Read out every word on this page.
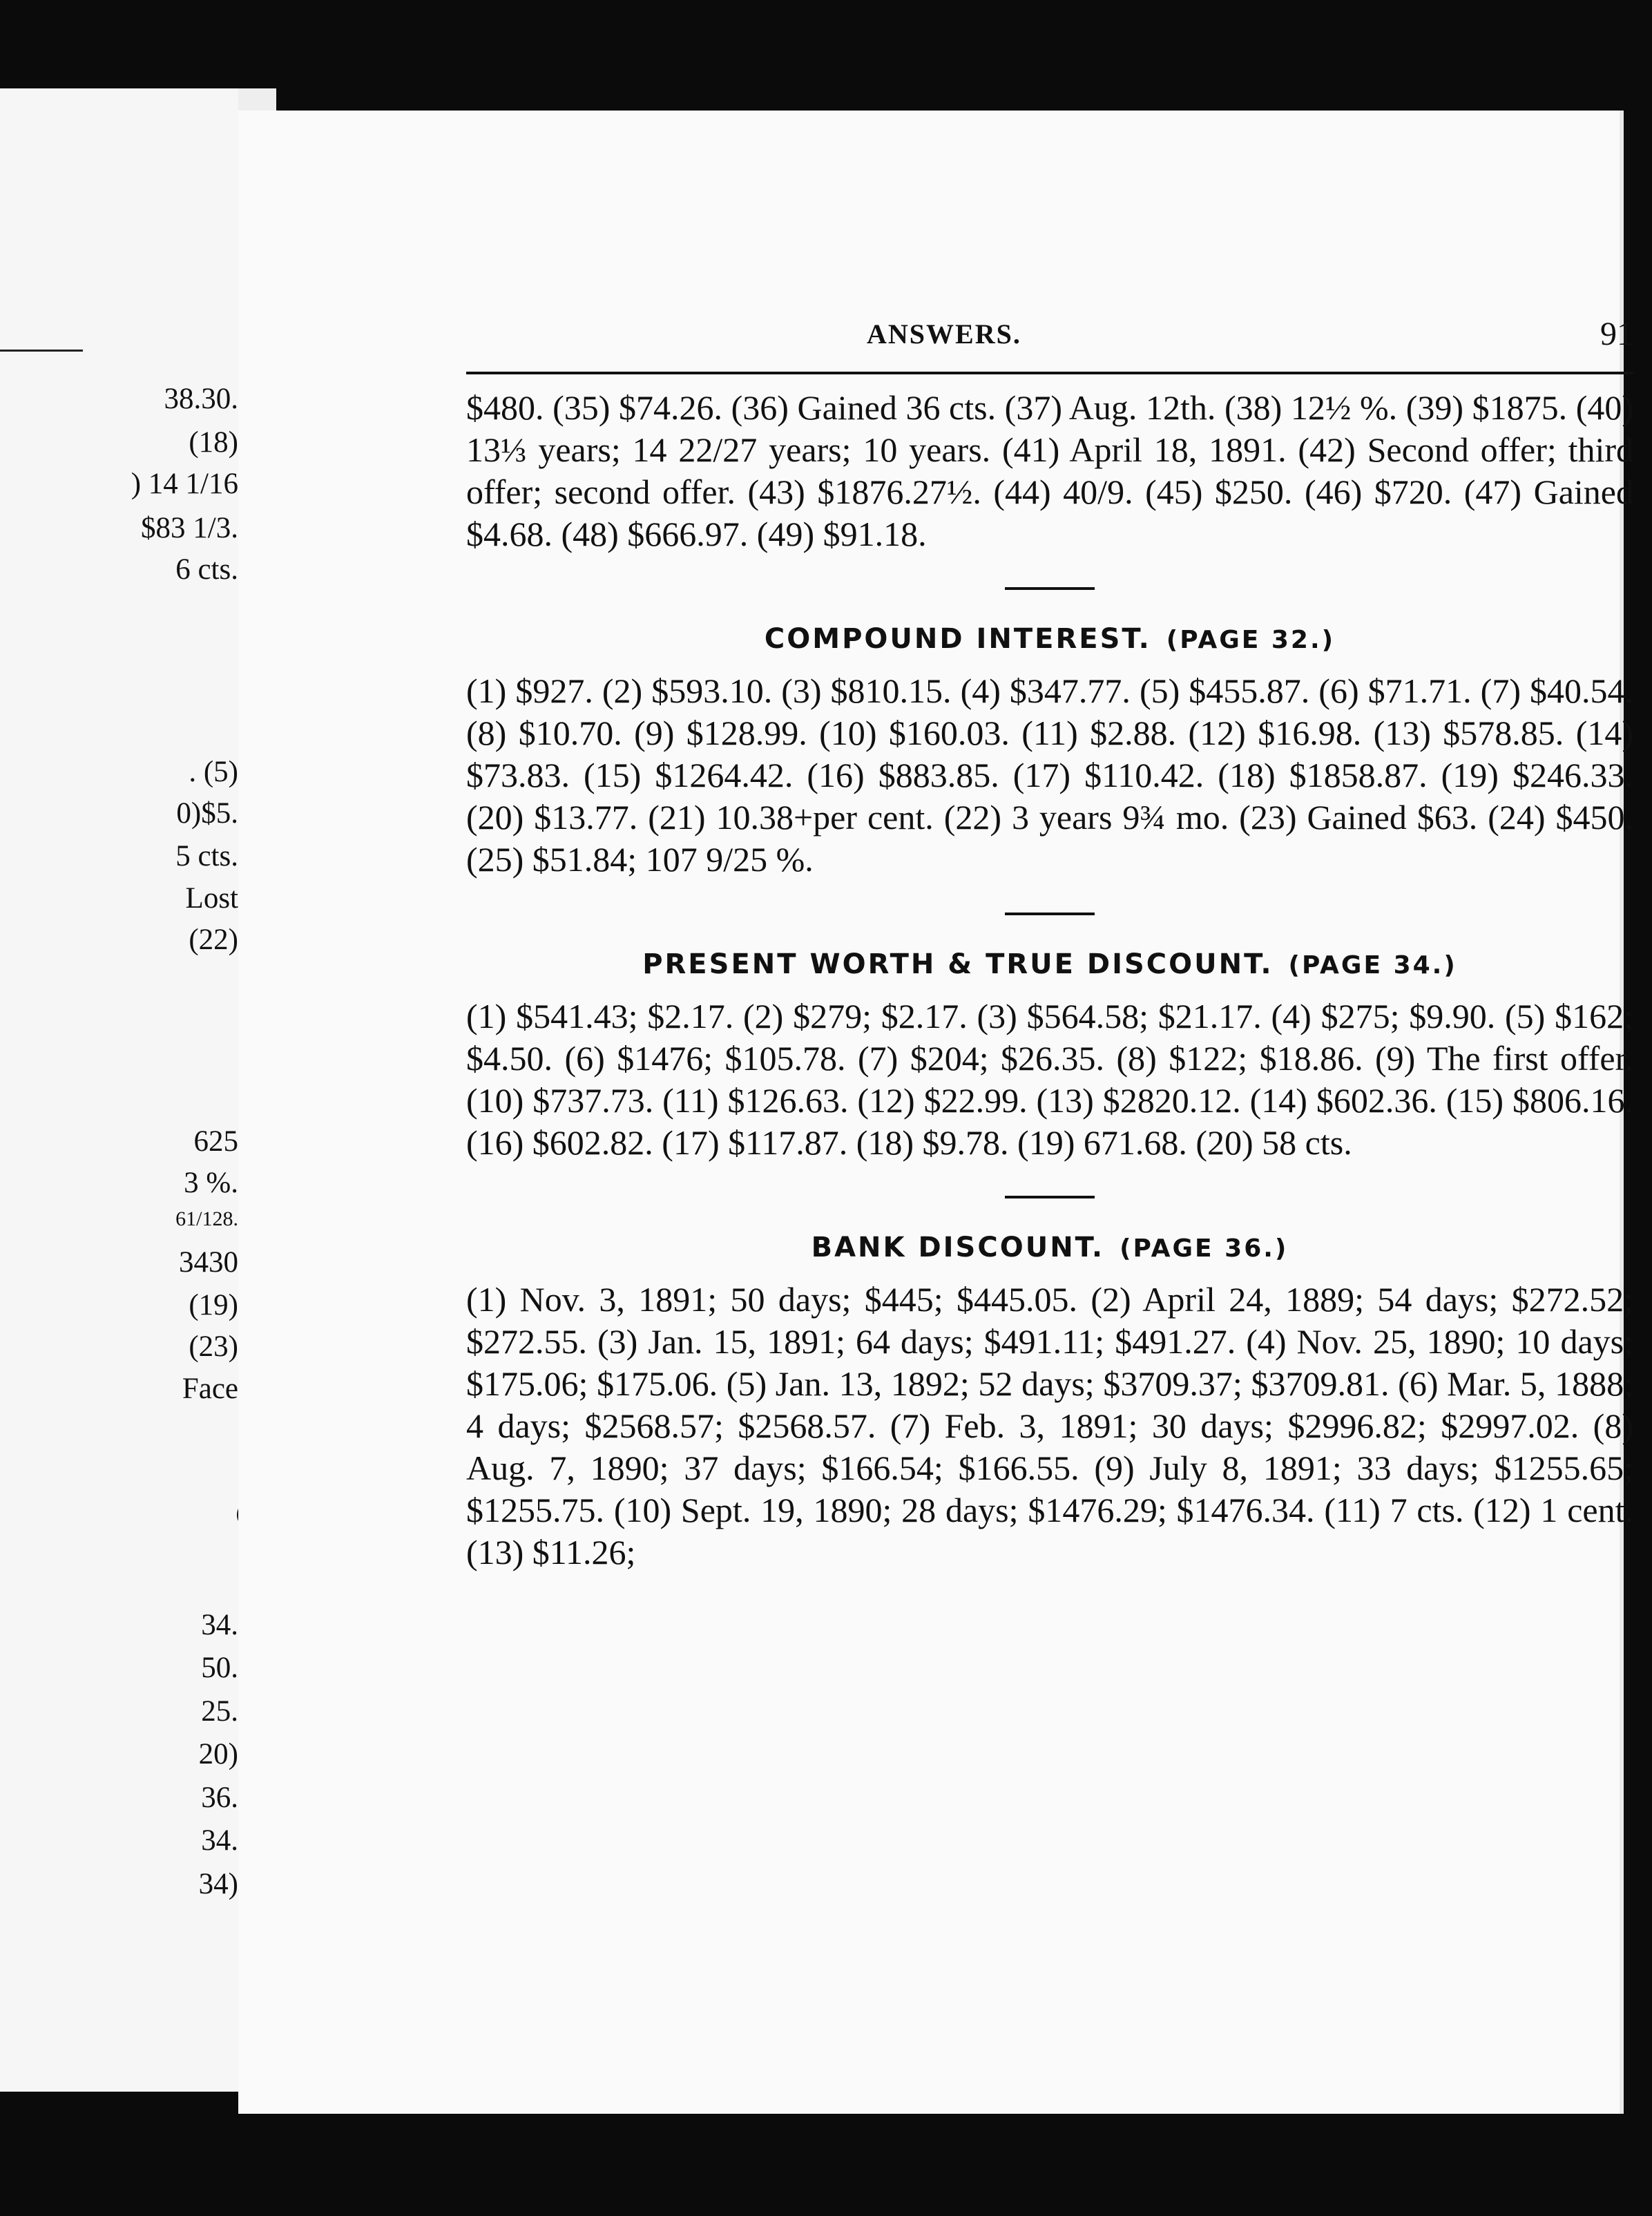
38.30.
(18)
) 14 1/16
$83 1/3.
6 cts.
. (5)
0)$5.
5 cts.
Lost
(22)
625
3 %.
61/128.
3430
(19)
(23)
Face
34.
50.
25.
20)
36.
34.
34)
ANSWERS.	91

$480. (35) $74.26. (36) Gained 36 cts. (37) Aug. 12th. (38) 12½ %. (39) $1875. (40) 13⅓ years; 14 22/27 years; 10 years. (41) April 18, 1891. (42) Second offer; third offer; second offer. (43) $1876.27½. (44) 40/9. (45) $250. (46) $720. (47) Gained $4.68. (48) $666.97. (49) $91.18.

COMPOUND INTEREST. (PAGE 32.)

(1) $927. (2) $593.10. (3) $810.15. (4) $347.77. (5) $455.87. (6) $71.71. (7) $40.54. (8) $10.70. (9) $128.99. (10) $160.03. (11) $2.88. (12) $16.98. (13) $578.85. (14) $73.83. (15) $1264.42. (16) $883.85. (17) $110.42. (18) $1858.87. (19) $246.33. (20) $13.77. (21) 10.38+per cent. (22) 3 years 9¾ mo. (23) Gained $63. (24) $450. (25) $51.84; 107 9/25 %.

PRESENT WORTH & TRUE DISCOUNT. (PAGE 34.)

(1) $541.43; $2.17. (2) $279; $2.17. (3) $564.58; $21.17. (4) $275; $9.90. (5) $162; $4.50. (6) $1476; $105.78. (7) $204; $26.35. (8) $122; $18.86. (9) The first offer. (10) $737.73. (11) $126.63. (12) $22.99. (13) $2820.12. (14) $602.36. (15) $806.16. (16) $602.82. (17) $117.87. (18) $9.78. (19) 671.68. (20) 58 cts.

BANK DISCOUNT. (PAGE 36.)

(1) Nov. 3, 1891; 50 days; $445; $445.05. (2) April 24, 1889; 54 days; $272.52; $272.55. (3) Jan. 15, 1891; 64 days; $491.11; $491.27. (4) Nov. 25, 1890; 10 days; $175.06; $175.06. (5) Jan. 13, 1892; 52 days; $3709.37; $3709.81. (6) Mar. 5, 1888; 4 days; $2568.57; $2568.57. (7) Feb. 3, 1891; 30 days; $2996.82; $2997.02. (8) Aug. 7, 1890; 37 days; $166.54; $166.55. (9) July 8, 1891; 33 days; $1255.65; $1255.75. (10) Sept. 19, 1890; 28 days; $1476.29; $1476.34. (11) 7 cts. (12) 1 cent. (13) $11.26;
